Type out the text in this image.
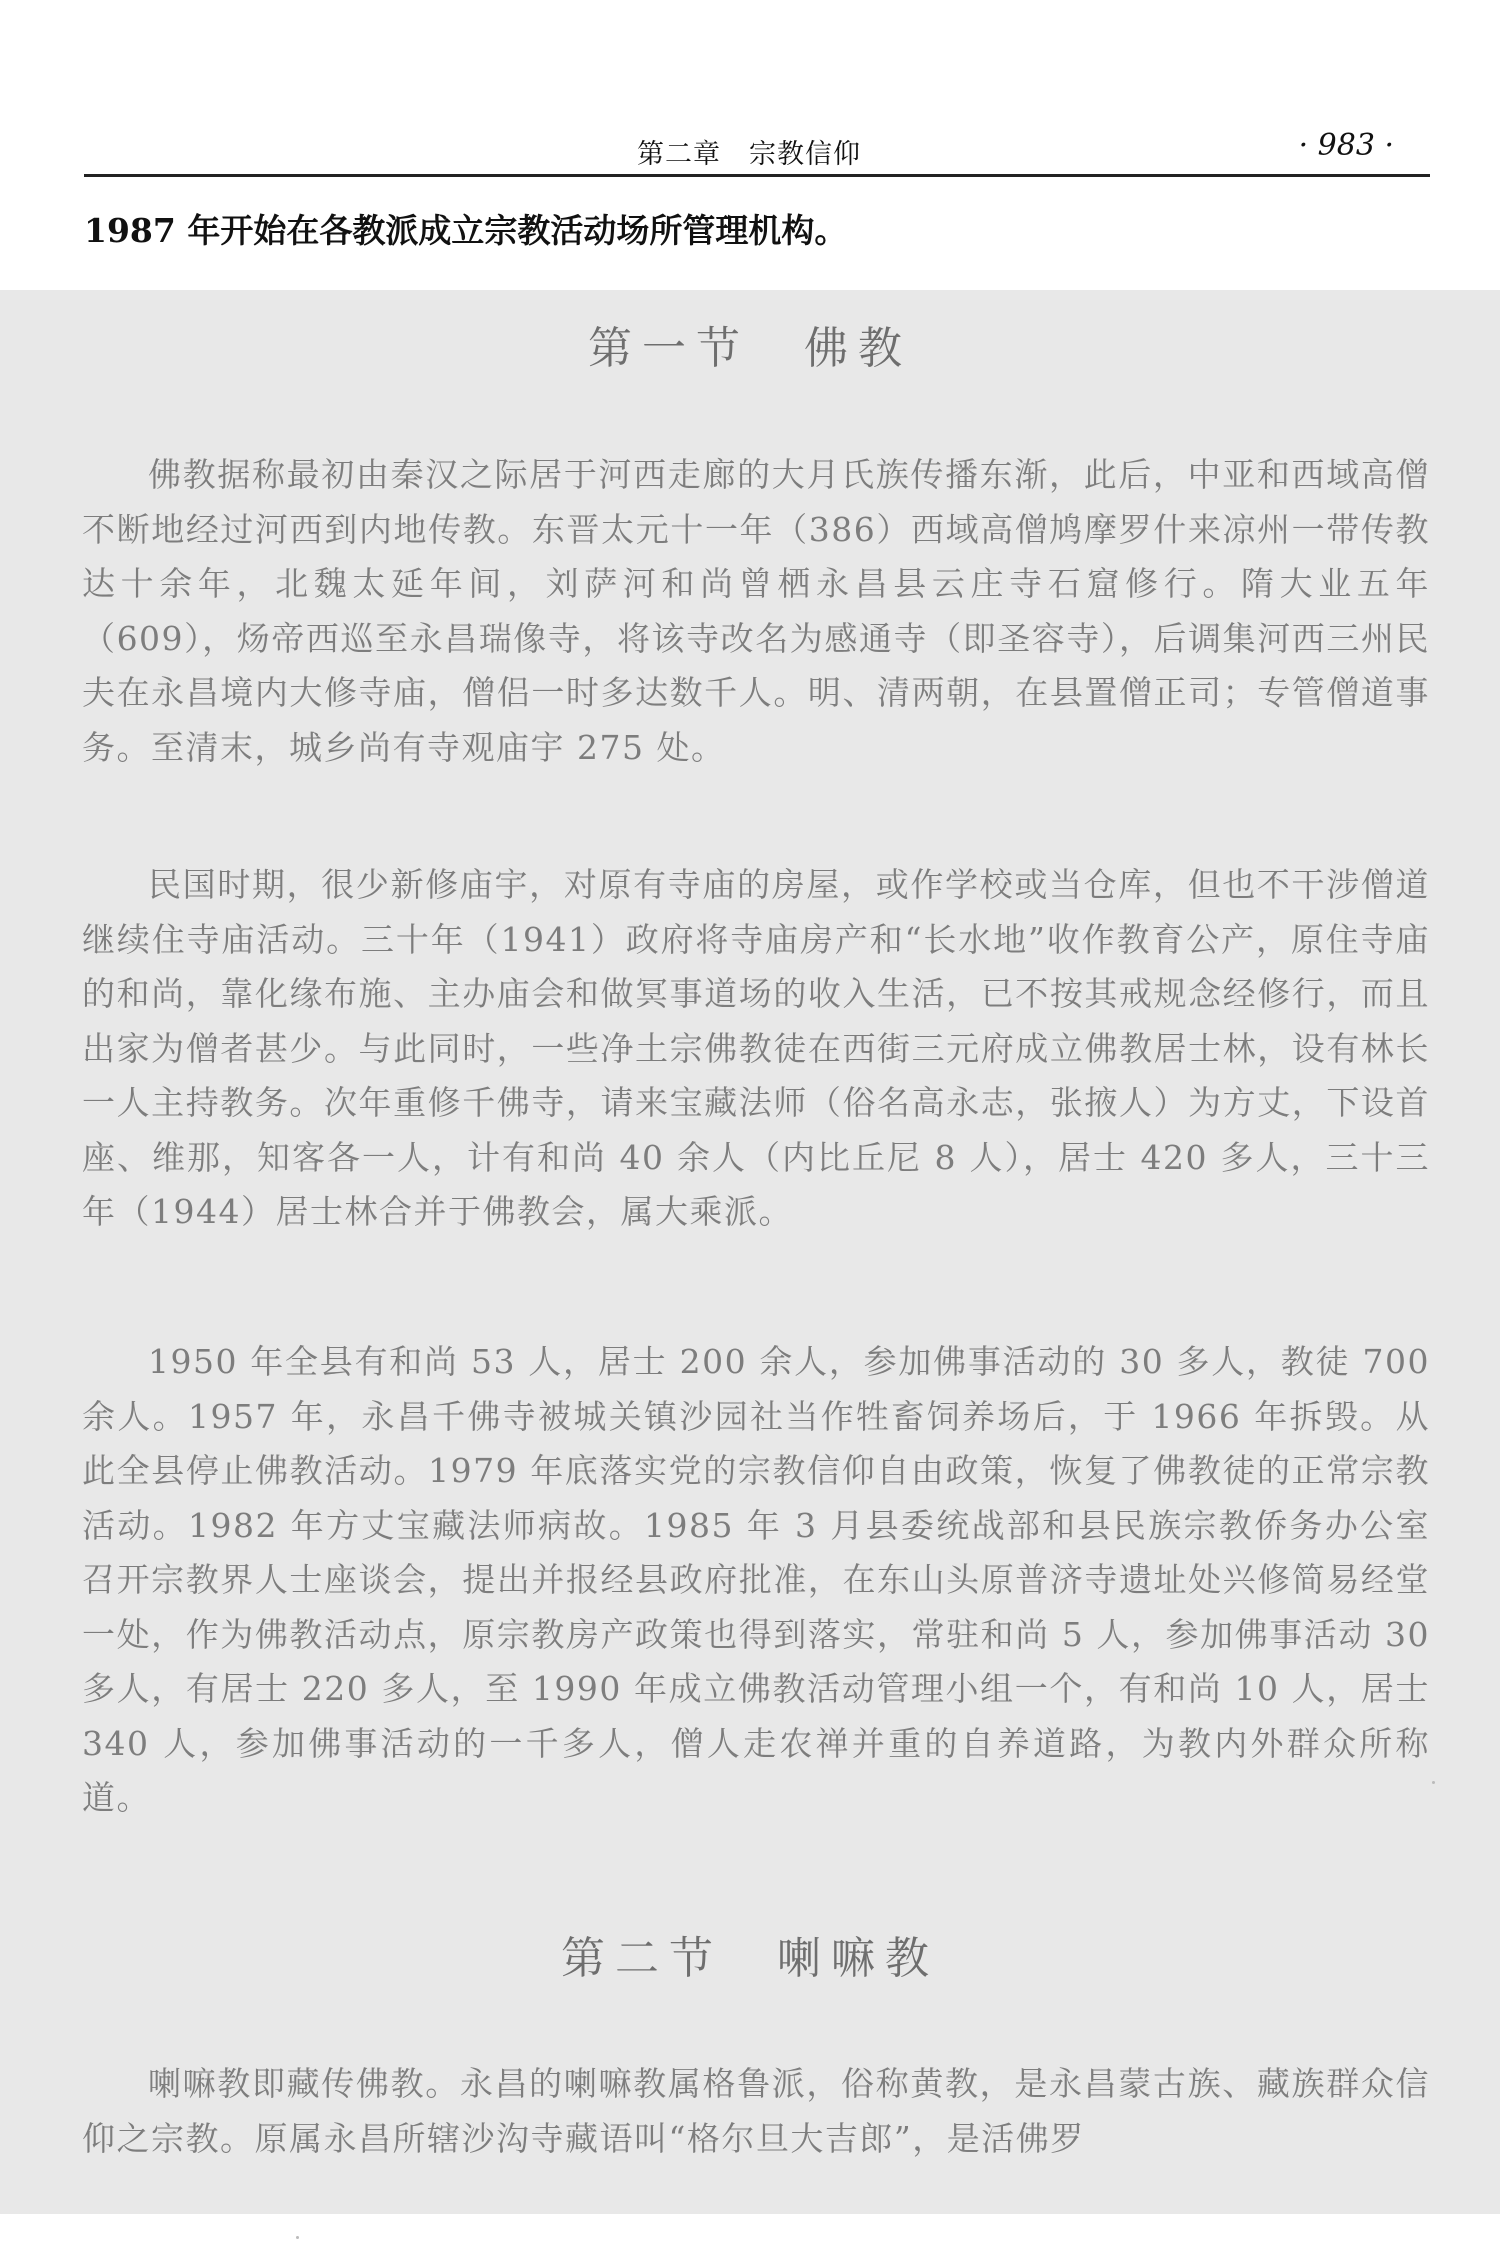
第二章　宗教信仰	· 983 ·
1987 年开始在各教派成立宗教活动场所管理机构。
第一节　佛教

佛教据称最初由秦汉之际居于河西走廊的大月氏族传播东渐，此后，中亚和西域高僧不断地经过河西到内地传教。东晋太元十一年（386）西域高僧鸠摩罗什来凉州一带传教达十余年，北魏太延年间，刘萨河和尚曾栖永昌县云庄寺石窟修行。隋大业五年（609），炀帝西巡至永昌瑞像寺，将该寺改名为感通寺（即圣容寺），后调集河西三州民夫在永昌境内大修寺庙，僧侣一时多达数千人。明、清两朝，在县置僧正司；专管僧道事务。至清末，城乡尚有寺观庙宇 275 处。

民国时期，很少新修庙宇，对原有寺庙的房屋，或作学校或当仓库，但也不干涉僧道继续住寺庙活动。三十年（1941）政府将寺庙房产和“长水地”收作教育公产，原住寺庙的和尚，靠化缘布施、主办庙会和做冥事道场的收入生活，已不按其戒规念经修行，而且出家为僧者甚少。与此同时，一些净土宗佛教徒在西街三元府成立佛教居士林，设有林长一人主持教务。次年重修千佛寺，请来宝藏法师（俗名高永志，张掖人）为方丈，下设首座、维那，知客各一人，计有和尚 40 余人（内比丘尼 8 人），居士 420 多人，三十三年（1944）居士林合并于佛教会，属大乘派。

1950 年全县有和尚 53 人，居士 200 余人，参加佛事活动的 30 多人，教徒 700 余人。1957 年，永昌千佛寺被城关镇沙园社当作牲畜饲养场后，于 1966 年拆毁。从此全县停止佛教活动。1979 年底落实党的宗教信仰自由政策，恢复了佛教徒的正常宗教活动。1982 年方丈宝藏法师病故。1985 年 3 月县委统战部和县民族宗教侨务办公室召开宗教界人士座谈会，提出并报经县政府批准，在东山头原普济寺遗址处兴修简易经堂一处，作为佛教活动点，原宗教房产政策也得到落实，常驻和尚 5 人，参加佛事活动 30 多人，有居士 220 多人，至 1990 年成立佛教活动管理小组一个，有和尚 10 人，居士 340 人，参加佛事活动的一千多人，僧人走农禅并重的自养道路，为教内外群众所称道。

第二节　喇嘛教

喇嘛教即藏传佛教。永昌的喇嘛教属格鲁派，俗称黄教，是永昌蒙古族、藏族群众信仰之宗教。原属永昌所辖沙沟寺藏语叫“格尔旦大吉郎”，是活佛罗
